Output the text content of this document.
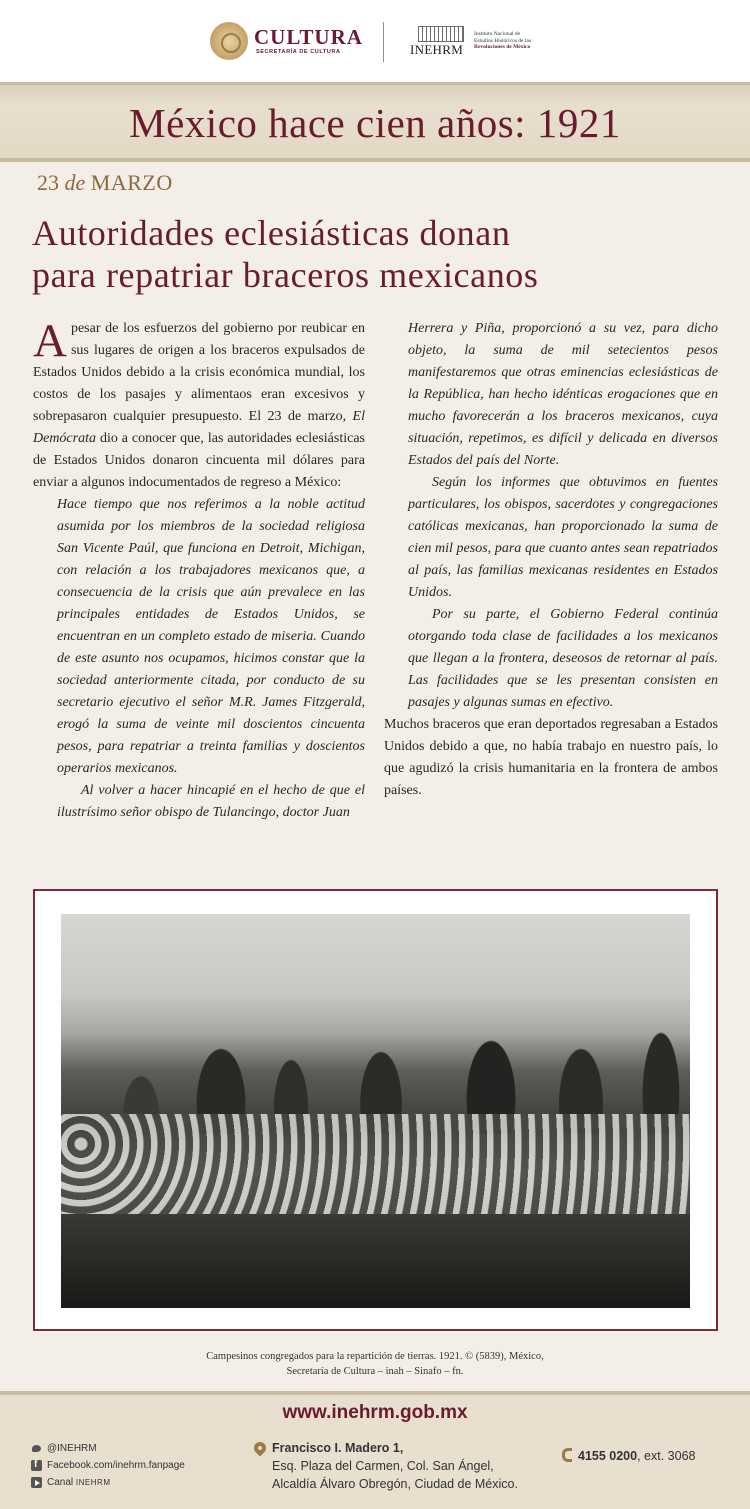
CULTURA
SECRETARÍA DE CULTURA	INEHRM
Instituto Nacional de
Estudios Históricos de las
Revoluciones de México
México hace cien años: 1921
23 de MARZO
Autoridades eclesiásticas donan
para repatriar braceros mexicanos

Apesar de los esfuerzos del gobierno por reubicar en sus lugares de origen a los braceros expulsados de Estados Unidos debido a la crisis económica mundial, los costos de los pasajes y alimentaos eran excesivos y sobrepasaron cualquier presupuesto. El 23 de marzo, El Demócrata dio a conocer que, las autoridades eclesiásticas de Estados Unidos donaron cincuenta mil dólares para enviar a algunos indocumentados de regreso a México:

Hace tiempo que nos referimos a la noble actitud asumida por los miembros de la sociedad religiosa San Vicente Paúl, que funciona en Detroit, Michigan, con relación a los trabajadores mexicanos que, a consecuencia de la crisis que aún prevalece en las principales entidades de Estados Unidos, se encuentran en un completo estado de miseria. Cuando de este asunto nos ocupamos, hicimos constar que la sociedad anteriormente citada, por conducto de su secretario ejecutivo el señor M.R. James Fitzgerald, erogó la suma de veinte mil doscientos cincuenta pesos, para repatriar a treinta familias y doscientos operarios mexicanos.

Al volver a hacer hincapié en el hecho de que el ilustrísimo señor obispo de Tulancingo, doctor Juan

Herrera y Piña, proporcionó a su vez, para dicho objeto, la suma de mil setecientos pesos manifestaremos que otras eminencias eclesiásticas de la República, han hecho idénticas erogaciones que en mucho favorecerán a los braceros mexicanos, cuya situación, repetimos, es difícil y delicada en diversos Estados del país del Norte.

Según los informes que obtuvimos en fuentes particulares, los obispos, sacerdotes y congregaciones católicas mexicanas, han proporcionado la suma de cien mil pesos, para que cuanto antes sean repatriados al país, las familias mexicanas residentes en Estados Unidos.

Por su parte, el Gobierno Federal continúa otorgando toda clase de facilidades a los mexicanos que llegan a la frontera, deseosos de retornar al país. Las facilidades que se les presentan consisten en pasajes y algunas sumas en efectivo.

Muchos braceros que eran deportados regresaban a Estados Unidos debido a que, no había trabajo en nuestro país, lo que agudizó la crisis humanitaria en la frontera de ambos países.

Campesinos congregados para la repartición de tierras. 1921. © (5839), México,
Secretaría de Cultura – inah – Sinafo – fn.
www.inehrm.gob.mx
@INEHRM
f
Facebook.com/inehrm.fanpage
Canal
INEHRM
Francisco I. Madero 1,
Esq. Plaza del Carmen, Col. San Ángel,
Alcaldía Álvaro Obregón, Ciudad de México.
4155 0200, ext. 3068
